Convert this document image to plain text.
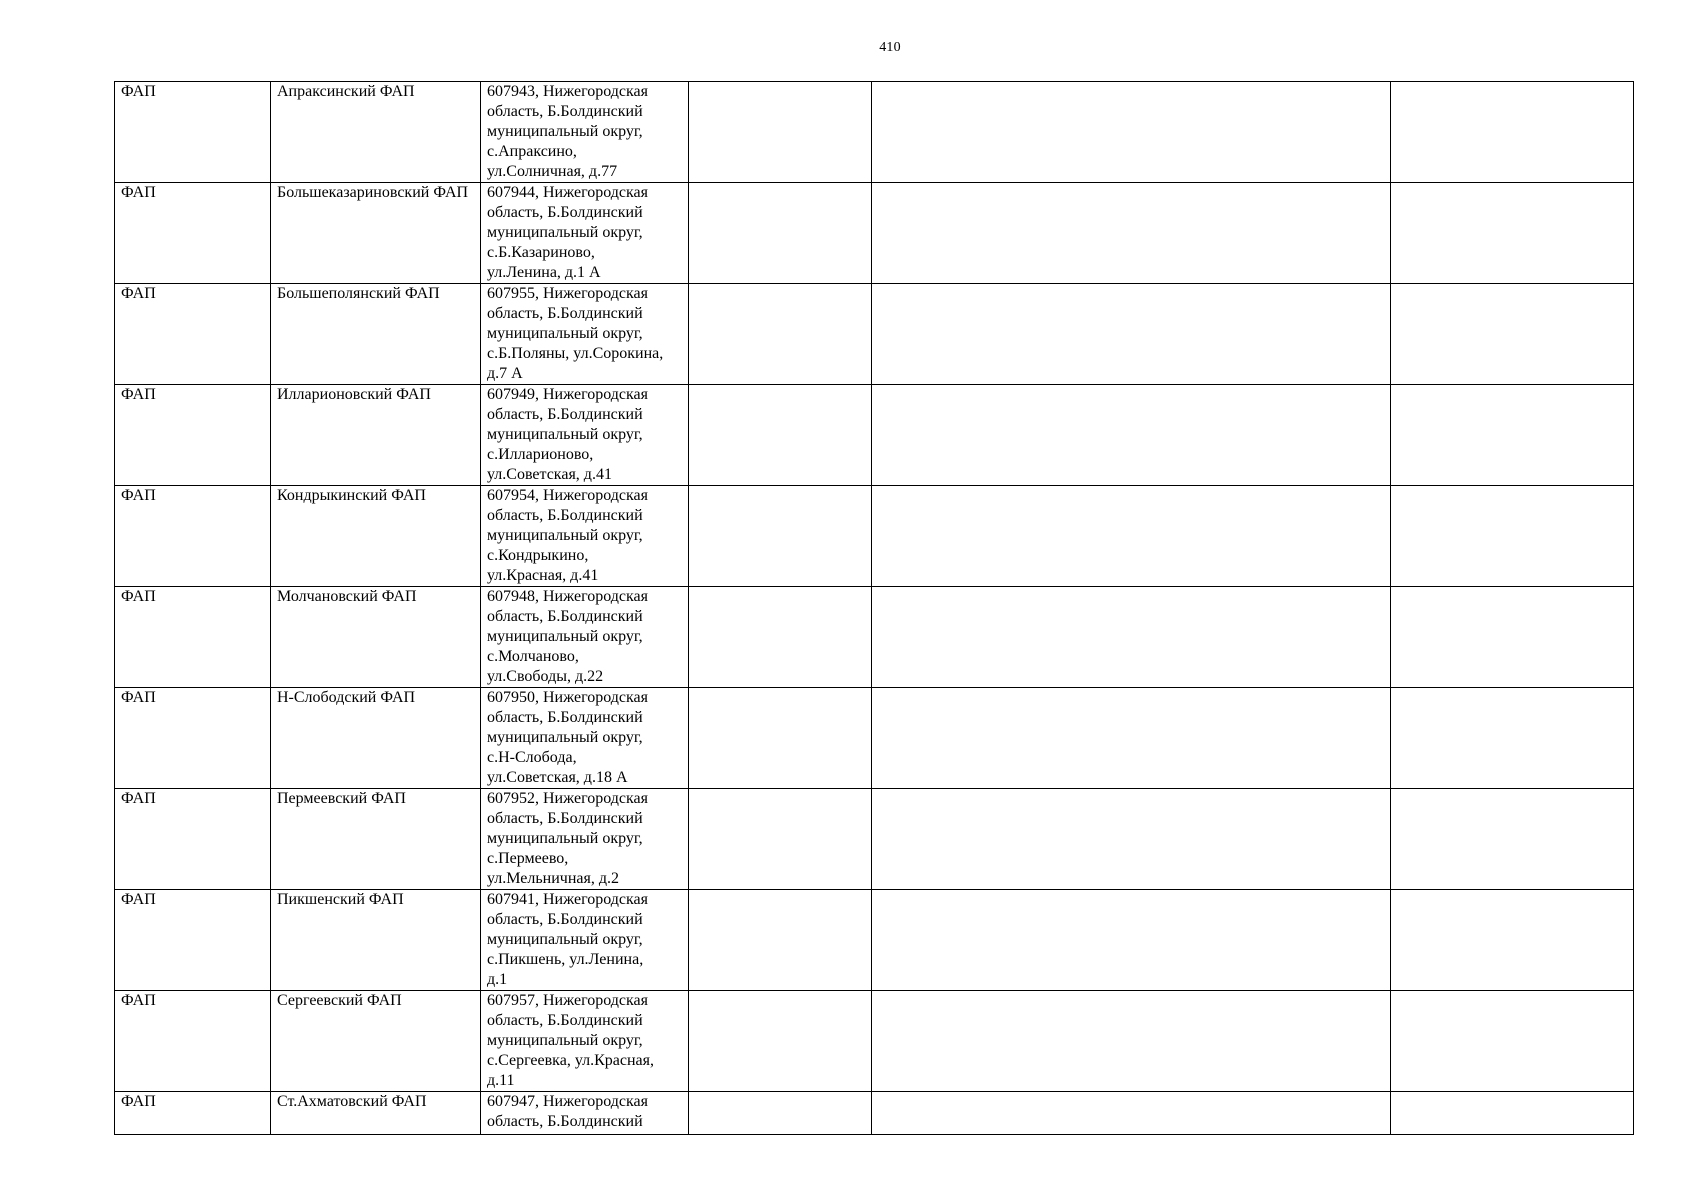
410
ФАП	Апраксинский ФАП	607943, Нижегородская
область, Б.Болдинский
муниципальный округ,
с.Апраксино,
ул.Солничная, д.77			

ФАП	Большеказариновский ФАП	607944, Нижегородская
область, Б.Болдинский
муниципальный округ,
с.Б.Казариново,
ул.Ленина, д.1 А			

ФАП	Большеполянский ФАП	607955, Нижегородская
область, Б.Болдинский
муниципальный округ,
с.Б.Поляны, ул.Сорокина,
д.7 А			

ФАП	Илларионовский ФАП	607949, Нижегородская
область, Б.Болдинский
муниципальный округ,
с.Илларионово,
ул.Советская, д.41			

ФАП	Кондрыкинский ФАП	607954, Нижегородская
область, Б.Болдинский
муниципальный округ,
с.Кондрыкино,
ул.Красная, д.41			

ФАП	Молчановский ФАП	607948, Нижегородская
область, Б.Болдинский
муниципальный округ,
с.Молчаново,
ул.Свободы, д.22			

ФАП	Н-Слободский ФАП	607950, Нижегородская
область, Б.Болдинский
муниципальный округ,
с.Н-Слобода,
ул.Советская, д.18 А			

ФАП	Пермеевский ФАП	607952, Нижегородская
область, Б.Болдинский
муниципальный округ,
с.Пермеево,
ул.Мельничная, д.2			

ФАП	Пикшенский ФАП	607941, Нижегородская
область, Б.Болдинский
муниципальный округ,
с.Пикшень, ул.Ленина,
д.1			

ФАП	Сергеевский ФАП	607957, Нижегородская
область, Б.Болдинский
муниципальный округ,
с.Сергеевка, ул.Красная,
д.11			

ФАП	Ст.Ахматовский ФАП	607947, Нижегородская
область, Б.Болдинский			
